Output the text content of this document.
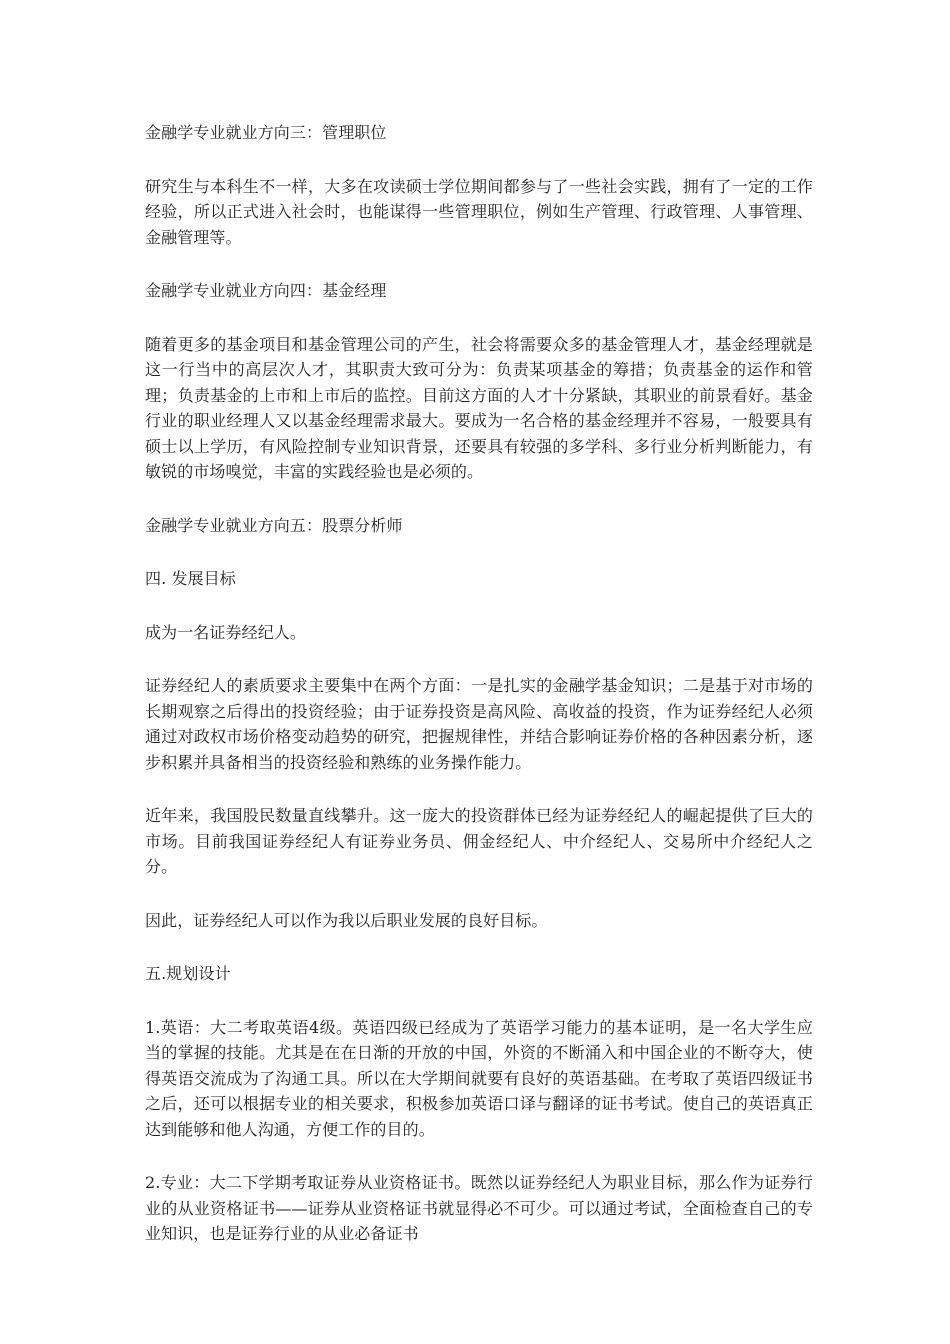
金融学专业就业方向三：管理职位

研究生与本科生不一样，大多在攻读硕士学位期间都参与了一些社会实践，拥有了一定的工作经验，所以正式进入社会时，也能谋得一些管理职位，例如生产管理、行政管理、人事管理、金融管理等。

金融学专业就业方向四：基金经理

随着更多的基金项目和基金管理公司的产生，社会将需要众多的基金管理人才，基金经理就是这一行当中的高层次人才，其职责大致可分为：负责某项基金的筹措；负责基金的运作和管理；负责基金的上市和上市后的监控。目前这方面的人才十分紧缺，其职业的前景看好。基金行业的职业经理人又以基金经理需求最大。要成为一名合格的基金经理并不容易，一般要具有硕士以上学历，有风险控制专业知识背景，还要具有较强的多学科、多行业分析判断能力，有敏锐的市场嗅觉，丰富的实践经验也是必须的。

金融学专业就业方向五：股票分析师

四. 发展目标

成为一名证券经纪人。

证券经纪人的素质要求主要集中在两个方面：一是扎实的金融学基金知识；二是基于对市场的长期观察之后得出的投资经验；由于证券投资是高风险、高收益的投资，作为证券经纪人必须通过对政权市场价格变动趋势的研究，把握规律性，并结合影响证券价格的各种因素分析，逐步积累并具备相当的投资经验和熟练的业务操作能力。

近年来，我国股民数量直线攀升。这一庞大的投资群体已经为证券经纪人的崛起提供了巨大的市场。目前我国证券经纪人有证券业务员、佣金经纪人、中介经纪人、交易所中介经纪人之分。

因此，证券经纪人可以作为我以后职业发展的良好目标。

五.规划设计

1.英语：大二考取英语4级。英语四级已经成为了英语学习能力的基本证明，是一名大学生应当的掌握的技能。尤其是在在日渐的开放的中国，外资的不断涌入和中国企业的不断夺大，使得英语交流成为了沟通工具。所以在大学期间就要有良好的英语基础。在考取了英语四级证书之后，还可以根据专业的相关要求，积极参加英语口译与翻译的证书考试。使自己的英语真正达到能够和他人沟通，方便工作的目的。

2.专业：大二下学期考取证券从业资格证书。既然以证券经纪人为职业目标，那么作为证券行业的从业资格证书——证券从业资格证书就显得必不可少。可以通过考试，全面检查自己的专业知识，也是证券行业的从业必备证书
